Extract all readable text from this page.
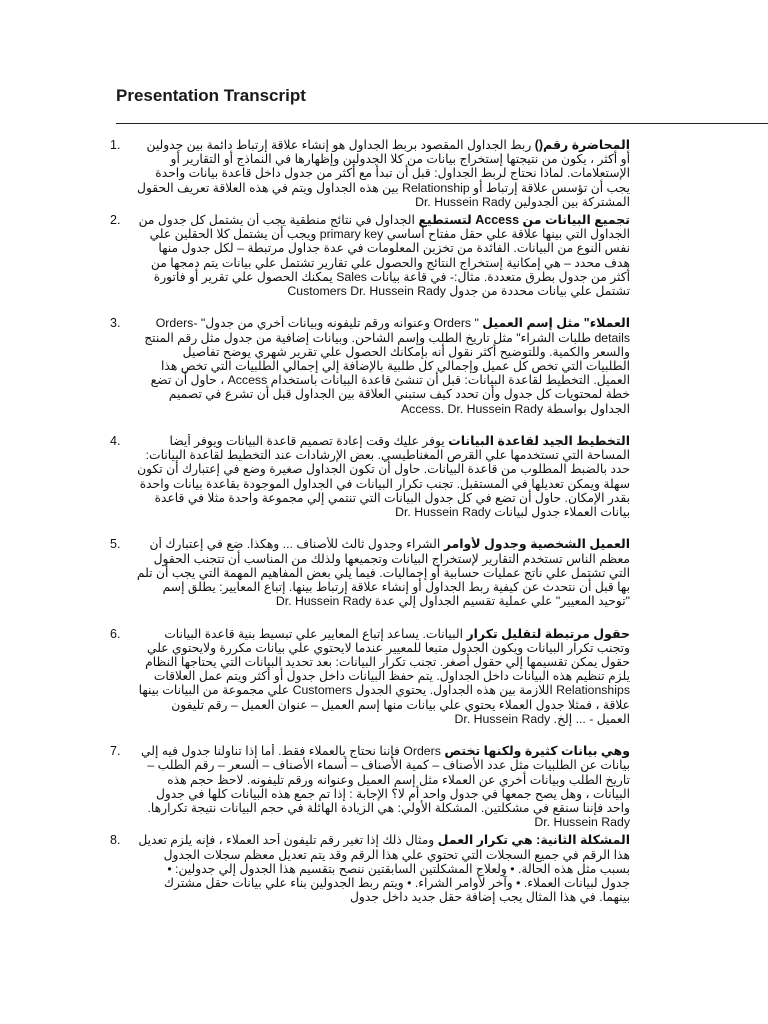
Presentation Transcript
1.	المحاضرة رقم() ربط الجداول المقصود بربط الجداول هو إنشاء علاقة إرتباط دائمة بين جدولين أو أكثر ، يكون من نتيجتها إستخراج بيانات من كلا الجدولين وإظهارها في النماذج أو التقارير أو الإستعلامات. لماذا نحتاج لربط الجداول: قبل أن تبدأ مع أكثر من جدول داخل قاعدة بيانات واحدة يجب أن تؤسس علاقة إرتباط أو Relationship بين هذه الجداول ويتم في هذه العلاقة تعريف الحقول المشتركة بين الجدولين Dr. Hussein Rady
2.	تجميع البيانات من Access لتستطيع الجداول في نتائج منطقية يجب أن يشتمل كل جدول من الجداول التي بينها علاقة علي حقل مفتاح أساسي primary key ويجب أن يشتمل كلا الحقلين علي نفس النوع من البيانات. الفائدة من تخزين المعلومات في عدة جداول مرتبطة – لكل جدول منها هدف محدد – هي إمكانية إستخراج النتائج والحصول علي تقارير تشتمل علي بيانات يتم دمجها من أكثر من جدول بطرق متعددة. مثال:- في قاعة بيانات Sales يمكنك الحصول علي تقرير أو فاتورة تشتمل علي بيانات محددة من جدول Customers Dr. Hussein Rady
3.	العملاء" مثل إسم العميل " Orders وعنوانه ورقم تليفونه وبيانات أخري من جدول" Orders-details طلبات الشراء" مثل تاريخ الطلب وإسم الشاحن. وبيانات إضافية من جدول مثل رقم المنتج والسعر والكمية. وللتوضيح أكثر نقول أنه بإمكانك الحصول علي تقرير شهري يوضح تفاصيل الطلبيات التي تخص كل عميل وإجمالي كل طلبية بالإضافة إلي إجمالي الطلبيات التي تخص هذا العميل. التخطيط لقاعدة البيانات: قبل أن تنشئ قاعدة البيانات باستخدام Access ، حاول أن تضع خطة لمحتويات كل جدول وأن تحدد كيف ستبني العلاقة بين الجداول قبل أن تشرع في تصميم الجداول بواسطة Access. Dr. Hussein Rady
4.	التخطيط الجيد لقاعدة البيانات يوفر عليك وقت إعادة تصميم قاعدة البيانات ويوفر أيضا المساحة التي تستخدمها علي القرص المغناطيسي. بعض الإرشادات عند التخطيط لقاعدة البيانات: حدد بالضبط المطلوب من قاعدة البيانات. حاول أن تكون الجداول صغيرة وضع في إعتبارك أن تكون سهلة ويمكن تعديلها في المستقبل. تجنب تكرار البيانات في الجداول الموجودة بقاعدة بيانات واحدة بقدر الإمكان. حاول أن تضع في كل جدول البيانات التي تنتمي إلي مجموعة واحدة مثلا في قاعدة بيانات العملاء جدول لبيانات Dr. Hussein Rady
5.	العميل الشخصية وجدول لأوامر الشراء وجدول ثالث للأصناف ... وهكذا. ضع في إعتبارك أن معظم الناس تستخدم التقارير لإستخراج البيانات وتجميعها ولذلك من المناسب أن تتجنب الحقول التي تشتمل علي ناتج عمليات حسابية أو إجماليات. فيما يلي بعض المفاهيم المهمة التي يجب أن تلم بها قبل أن نتحدث عن كيفية ربط الجداول أو إنشاء علاقة إرتباط بينها. إتباع المعايير: يطلق إسم "توحيد المعيير" علي عملية تقسيم الجداول إلي عدة Dr. Hussein Rady
6.	حقول مرتبطة لتقليل تكرار البيانات. يساعد إتباع المعايير علي تبسيط بنية قاعدة البيانات وتجنب تكرار البيانات ويكون الجدول متبعا للمعيير عندما لايحتوي علي بيانات مكررة ولايحتوي علي حقول يمكن تقسيمها إلي حقول أصغر. تجنب تكرار البيانات: بعد تحديد البيانات التي يحتاجها النظام يلزم تنظيم هذه البيانات داخل الجداول. يتم حفظ البيانات داخل جدول أو أكثر ويتم عمل العلاقات Relationships اللازمة بين هذه الجداول. يحتوي الجدول Customers علي مجموعة من البيانات بينها علاقة ، فمثلا جدول العملاء يحتوي علي بيانات منها إسم العميل – عنوان العميل – رقم تليفون العميل - ... إلخ. Dr. Hussein Rady
7.	وهي بيانات كثيرة ولكنها تختص Orders فإننا نحتاج بالعملاء فقط. أما إذا تناولنا جدول فيه إلي بيانات عن الطلبيات مثل عدد الأصناف – كمية الأصناف – أسماء الأصناف – السعر – رقم الطلب – تاريخ الطلب وبيانات أخري عن العملاء مثل إسم العميل وعنوانه ورقم تليفونه. لاحظ حجم هذه البيانات ، وهل يصح جمعها في جدول واحد أم لا؟ الإجابة : إذا تم جمع هذه البيانات كلها في جدول واحد فإننا سنقع في مشكلتين. المشكلة الأولي: هي الزيادة الهائلة في حجم البيانات نتيجة تكرارها. Dr. Hussein Rady
8.	المشكلة الثانية: هي تكرار العمل ومثال ذلك إذا تغير رقم تليفون أحد العملاء ، فإنه يلزم تعديل هذا الرقم في جميع السجلات التي تحتوي علي هذا الرقم وقد يتم تعديل معظم سجلات الجدول بسبب مثل هذه الحالة. • ولعلاج المشكلتين السابقتين ننصح بتقسيم هذا الجدول إلي جدولين: • جدول لبيانات العملاء. • وآخر لأوامر الشراء. • ويتم ربط الجدولين بناء علي بيانات حقل مشترك بينهما. في هذا المثال يجب إضافة حقل جديد داخل جدول
